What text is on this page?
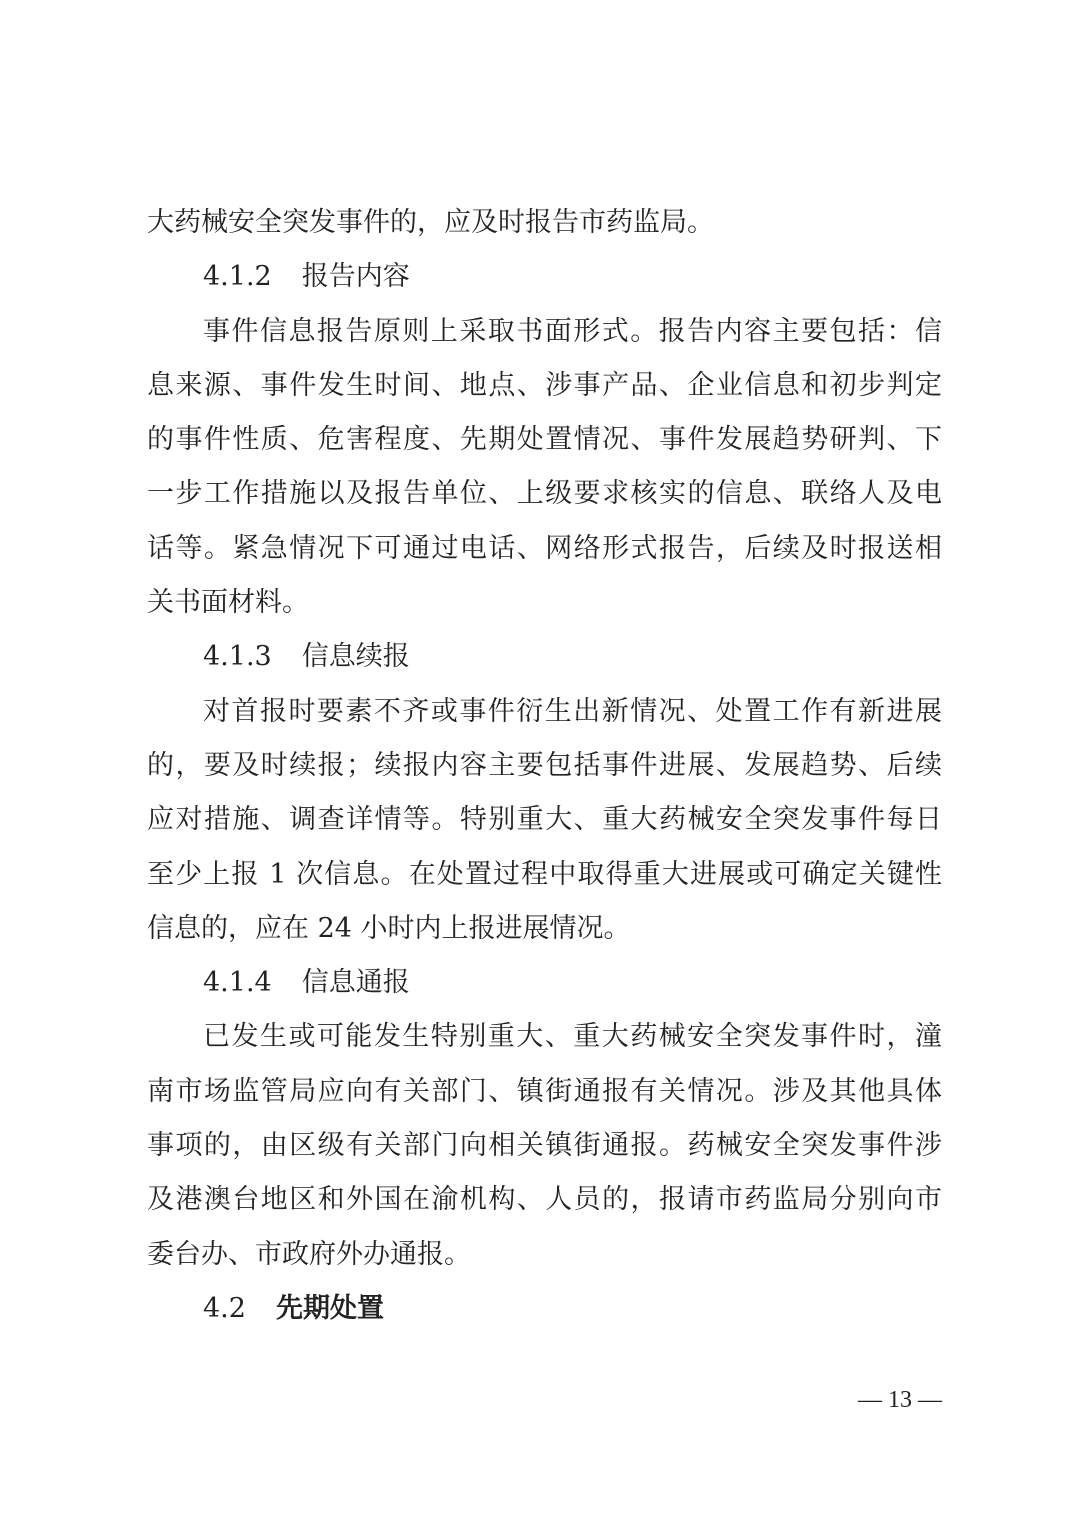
大药械安全突发事件的，应及时报告市药监局。
4.1.2 报告内容
事件信息报告原则上采取书面形式。报告内容主要包括：信
息来源、事件发生时间、地点、涉事产品、企业信息和初步判定
的事件性质、危害程度、先期处置情况、事件发展趋势研判、下
一步工作措施以及报告单位、上级要求核实的信息、联络人及电
话等。紧急情况下可通过电话、网络形式报告，后续及时报送相
关书面材料。
4.1.3 信息续报
对首报时要素不齐或事件衍生出新情况、处置工作有新进展
的，要及时续报；续报内容主要包括事件进展、发展趋势、后续
应对措施、调查详情等。特别重大、重大药械安全突发事件每日
至少上报 1 次信息。在处置过程中取得重大进展或可确定关键性
信息的，应在 24 小时内上报进展情况。
4.1.4 信息通报
已发生或可能发生特别重大、重大药械安全突发事件时，潼
南市场监管局应向有关部门、镇街通报有关情况。涉及其他具体
事项的，由区级有关部门向相关镇街通报。药械安全突发事件涉
及港澳台地区和外国在渝机构、人员的，报请市药监局分别向市
委台办、市政府外办通报。
4.2 先期处置
— 13 —
